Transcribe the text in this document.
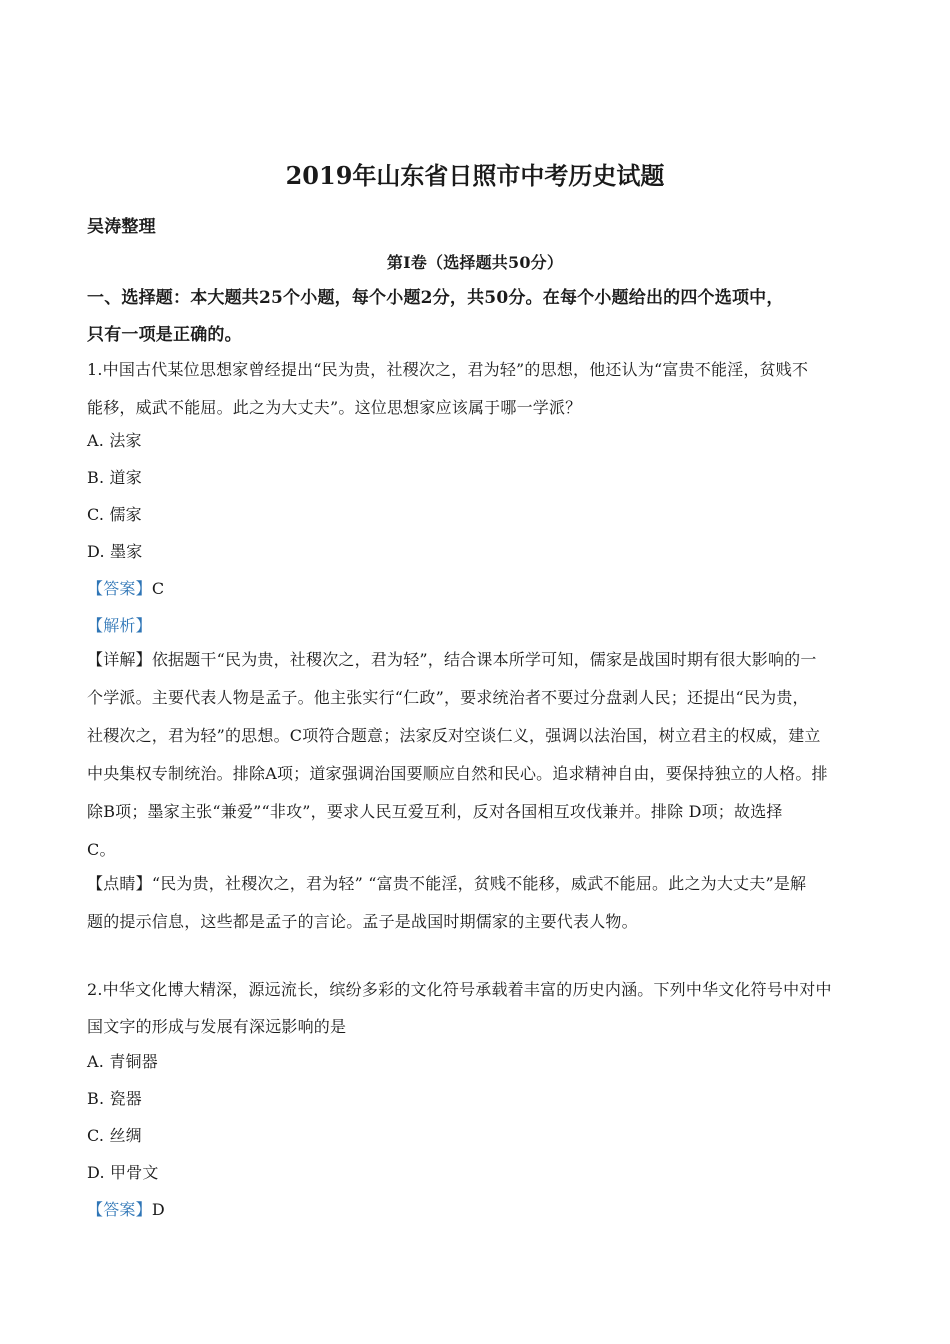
2019年山东省日照市中考历史试题
吴涛整理
第Ⅰ卷（选择题共50分）
一、选择题：本大题共25个小题，每个小题2分，共50分。在每个小题给出的四个选项中，
只有一项是正确的。
1.中国古代某位思想家曾经提出“民为贵，社稷次之，君为轻”的思想，他还认为“富贵不能淫，贫贱不
能移，威武不能屈。此之为大丈夫”。这位思想家应该属于哪一学派？
A. 法家
B. 道家
C. 儒家
D. 墨家
【答案】C
【解析】
【详解】依据题干“民为贵，社稷次之，君为轻”，结合课本所学可知，儒家是战国时期有很大影响的一
个学派。主要代表人物是孟子。他主张实行“仁政”，要求统治者不要过分盘剥人民；还提出“民为贵，
社稷次之，君为轻”的思想。C项符合题意；法家反对空谈仁义，强调以法治国，树立君主的权威，建立
中央集权专制统治。排除A项；道家强调治国要顺应自然和民心。追求精神自由，要保持独立的人格。排
除B项；墨家主张“兼爱”“非攻”，要求人民互爱互利，反对各国相互攻伐兼并。排除 D项；故选择
C。
【点睛】“民为贵，社稷次之，君为轻” “富贵不能淫，贫贱不能移，威武不能屈。此之为大丈夫”是解
题的提示信息，这些都是孟子的言论。孟子是战国时期儒家的主要代表人物。
2.中华文化博大精深，源远流长，缤纷多彩的文化符号承载着丰富的历史内涵。下列中华文化符号中对中
国文字的形成与发展有深远影响的是
A. 青铜器
B. 瓷器
C. 丝绸
D. 甲骨文
【答案】D
